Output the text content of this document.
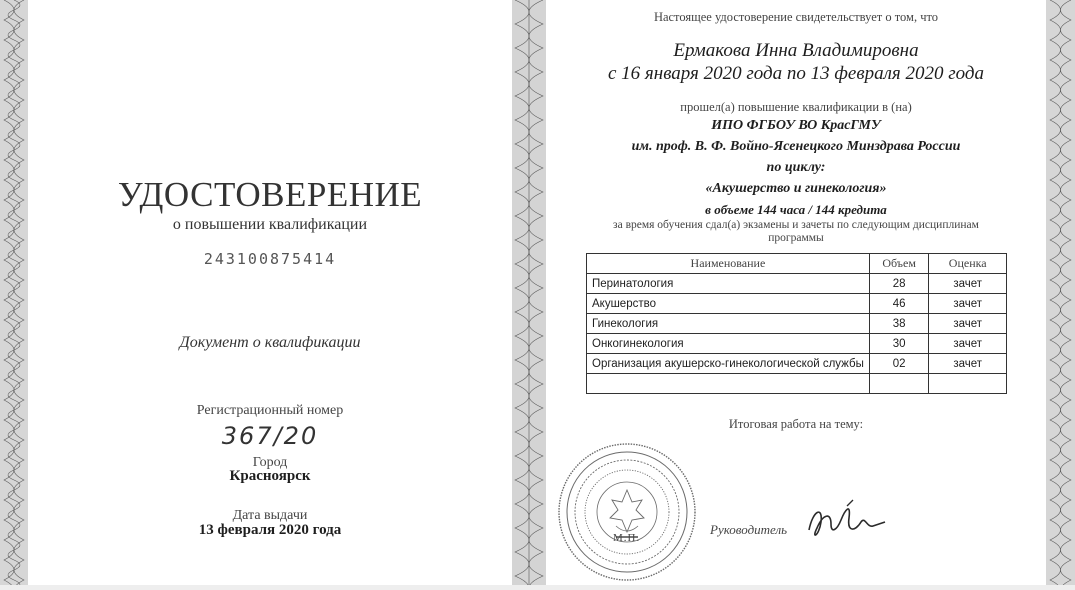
УДОСТОВЕРЕНИЕ
о повышении квалификации
243100875414
Документ о квалификации
Регистрационный номер
367/20
Город
Красноярск
Дата выдачи
13 февраля 2020 года
Настоящее удостоверение свидетельствует о том, что
Ермакова Инна Владимировна
с 16 января 2020 года по 13 февраля 2020 года
прошел(а) повышение квалификации в (на)
ИПО ФГБОУ ВО КрасГМУ
им. проф. В. Ф. Войно-Ясенецкого Минздрава России
по циклу:
«Акушерство и гинекология»
в объеме 144 часа / 144 кредита
за время обучения сдал(а) экзамены и зачеты по следующим дисциплинам
программы
Наименование	Объем	Оценка
Перинатология	28	зачет
Акушерство	46	зачет
Гинекология	38	зачет
Онкогинекология	30	зачет
Организация акушерско-гинекологической службы	02	зачет

Итоговая работа на тему:
М.П.
Руководитель
